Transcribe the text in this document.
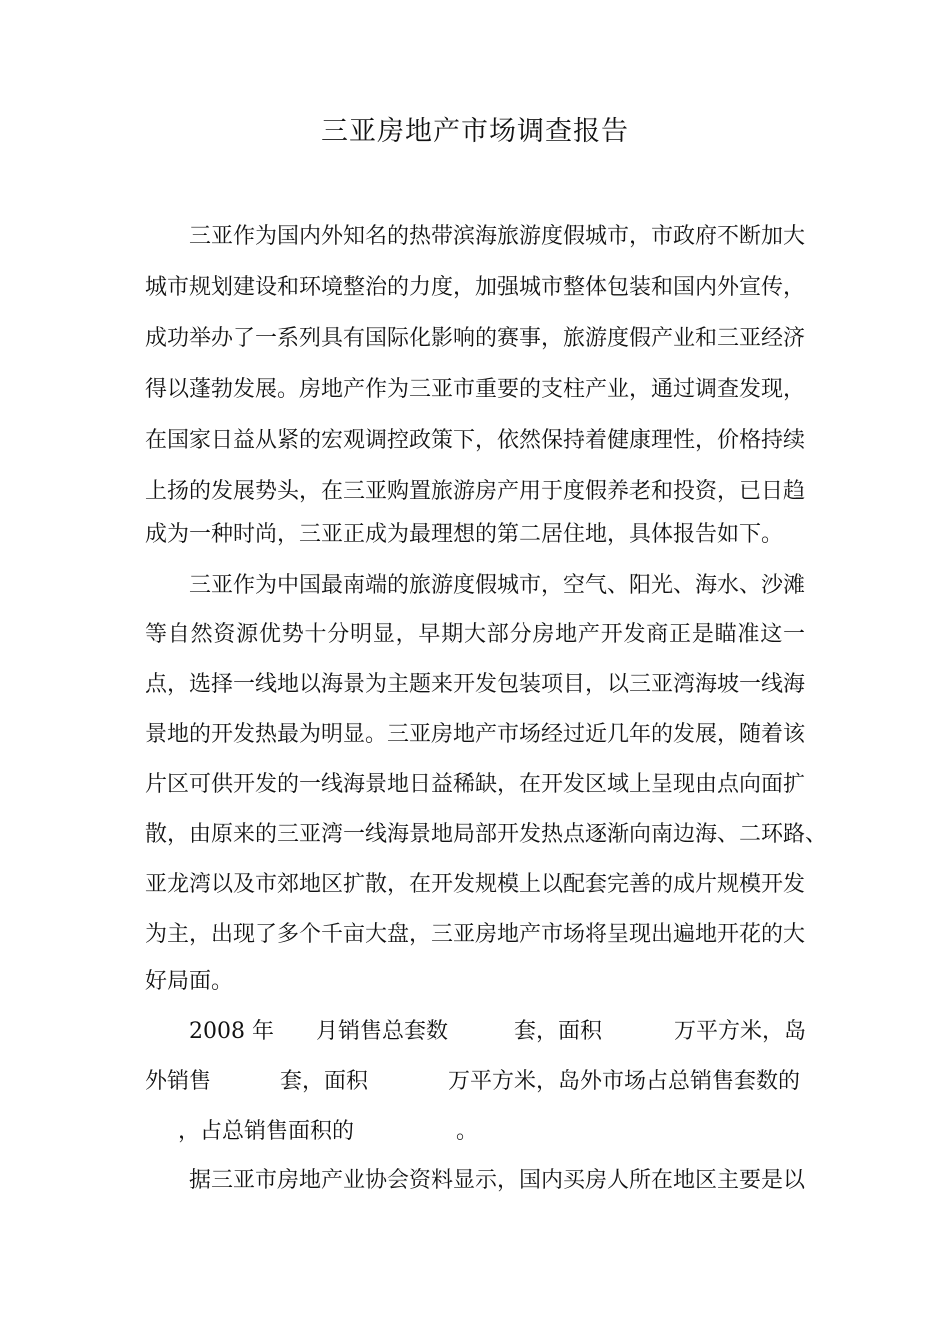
三亚房地产市场调查报告
三亚作为国内外知名的热带滨海旅游度假城市，市政府不断加大
城市规划建设和环境整治的力度，加强城市整体包装和国内外宣传，
成功举办了一系列具有国际化影响的赛事，旅游度假产业和三亚经济
得以蓬勃发展。房地产作为三亚市重要的支柱产业，通过调查发现，
在国家日益从紧的宏观调控政策下，依然保持着健康理性，价格持续
上扬的发展势头，在三亚购置旅游房产用于度假养老和投资，已日趋
成为一种时尚，三亚正成为最理想的第二居住地，具体报告如下。
三亚作为中国最南端的旅游度假城市，空气、阳光、海水、沙滩
等自然资源优势十分明显，早期大部分房地产开发商正是瞄准这一
点，选择一线地以海景为主题来开发包装项目，以三亚湾海坡一线海
景地的开发热最为明显。三亚房地产市场经过近几年的发展，随着该
片区可供开发的一线海景地日益稀缺，在开发区域上呈现由点向面扩
散，由原来的三亚湾一线海景地局部开发热点逐渐向南边海、二环路、
亚龙湾以及市郊地区扩散，在开发规模上以配套完善的成片规模开发
为主，出现了多个千亩大盘，三亚房地产市场将呈现出遍地开花的大
好局面。
2008 年 月销售总套数	套，面积	万平方米，岛
外销售	套，面积	万平方米，岛外市场占总销售套数的
，占总销售面积的	。
据三亚市房地产业协会资料显示，国内买房人所在地区主要是以
